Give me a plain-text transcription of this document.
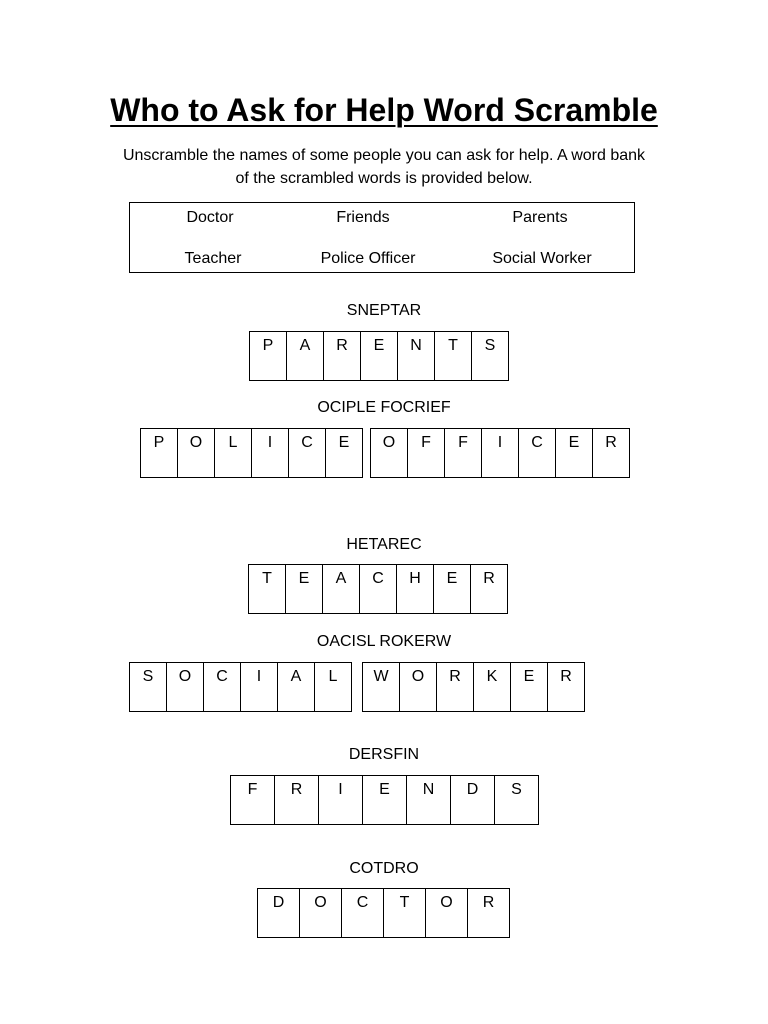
Who to Ask for Help Word Scramble

Unscramble the names of some people you can ask for help. A word bank

of the scrambled words is provided below.

Doctor	Friends	Parents
Teacher	Police Officer	Social Worker

SNEPTAR

P	A	R	E	N	T	S

OCIPLE FOCRIEF

P	O	L	I	C	E	O	F	F	I	C	E	R

HETAREC

T	E	A	C	H	E	R

OACISL ROKERW

S	O	C	I	A	L	W	O	R	K	E	R

DERSFIN

F	R	I	E	N	D	S

COTDRO

D	O	C	T	O	R
